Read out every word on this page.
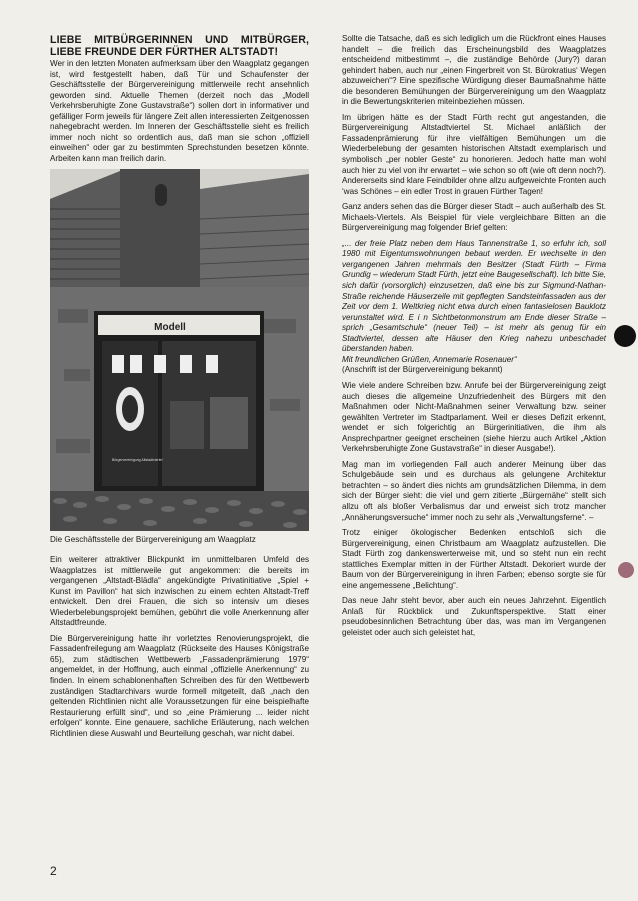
LIEBE MITBÜRGERINNEN UND MITBÜRGER, LIEBE FREUNDE DER FÜRTHER ALTSTADT!

Wer in den letzten Monaten aufmerksam über den Waagplatz gegangen ist, wird festgestellt haben, daß Tür und Schaufenster der Geschäftsstelle der Bürgervereinigung mittlerweile recht ansehnlich geworden sind. Aktuelle Themen (derzeit noch das „Modell Verkehrsberuhigte Zone Gustavstraße“) sollen dort in informativer und gefälliger Form jeweils für längere Zeit allen interessierten Zeitgenossen nahegebracht werden. Im Inneren der Geschäftsstelle sieht es freilich immer noch nicht so ordentlich aus, daß man sie schon „offiziell einweihen“ oder gar zu bestimmten Sprechstunden besetzen könnte. Arbeiten kann man freilich darin.

Modell
Bürgervereinigung Altstadtviertel

Die Geschäftsstelle der Bürgervereinigung am Waagplatz

Ein weiterer attraktiver Blickpunkt im unmittelbaren Umfeld des Waagplatzes ist mittlerweile gut angekommen: die bereits im vergangenen „Altstadt-Blädla“ angekündigte Privatinitiative „Spiel + Kunst im Pavillon“ hat sich inzwischen zu einem echten Altstadt-Treff entwickelt. Den drei Frauen, die sich so intensiv um dieses Wiederbelebungsprojekt bemühen, gebührt die volle Anerkennung aller Altstadtfreunde.

Die Bürgervereinigung hatte ihr vorletztes Renovierungsprojekt, die Fassadenfreilegung am Waagplatz (Rückseite des Hauses Königstraße 65), zum städtischen Wettbewerb „Fassadenprämierung 1979“ angemeldet, in der Hoffnung, auch einmal „offizielle Anerkennung“ zu finden. In einem schablonenhaften Schreiben des für den Wettbewerb zuständigen Stadtarchivars wurde formell mitgeteilt, daß „nach den geltenden Richtlinien nicht alle Voraussetzungen für eine beispielhafte Restaurierung erfüllt sind“, und so „eine Prämierung ... leider nicht erfolgen“ konnte. Eine genauere, sachliche Erläuterung, nach welchen Richtlinien diese Auswahl und Beurteilung geschah, war nicht dabei.

Sollte die Tatsache, daß es sich lediglich um die Rückfront eines Hauses handelt – die freilich das Erscheinungsbild des Waagplatzes entscheidend mitbestimmt –, die zuständige Behörde (Jury?) daran gehindert haben, auch nur „einen Fingerbreit von St. Bürokratius‘ Wegen abzuweichen“? Eine spezifische Würdigung dieser Baumaßnahme hätte die besonderen Bemühungen der Bürgervereinigung um den Waagplatz in die Bewertungskriterien miteinbeziehen müssen.

Im übrigen hätte es der Stadt Fürth recht gut angestanden, die Bürgervereinigung Altstadtviertel St. Michael anläßlich der Fassadenprämierung für ihre vielfältigen Bemühungen um die Wiederbelebung der gesamten historischen Altstadt exemplarisch und symbolisch „per nobler Geste“ zu honorieren. Jedoch hatte man wohl auch hier zu viel von ihr erwartet – wie schon so oft (wie oft denn noch?). Andererseits sind klare Feindbilder ohne allzu aufgeweichte Fronten auch ‘was Schönes – ein edler Trost in grauen Fürther Tagen!

Ganz anders sehen das die Bürger dieser Stadt – auch außerhalb des St. Michaels-Viertels. Als Beispiel für viele vergleichbare Bitten an die Bürgervereinigung mag folgender Brief gelten:

„... der freie Platz neben dem Haus Tannenstraße 1, so erfuhr ich, soll 1980 mit Eigentumswohnungen bebaut werden. Er wechselte in den vergangenen Jahren mehrmals den Besitzer (Stadt Fürth – Firma Grundig – wiederum Stadt Fürth, jetzt eine Baugesellschaft). Ich bitte Sie, sich dafür (vorsorglich) einzusetzen, daß eine bis zur Sigmund-Nathan-Straße reichende Häuserzeile mit gepflegten Sandsteinfassaden aus der Zeit vor dem 1. Weltkrieg nicht etwa durch einen fantasielosen Bauklotz verunstaltet wird. E i n Sichtbetonmonstrum am Ende dieser Straße – sprich „Gesamtschule“ (neuer Teil) – ist mehr als genug für ein Stadtviertel, dessen alte Häuser den Krieg nahezu unbeschadet überstanden haben.

Mit freundlichen Grüßen, Annemarie Rosenauer“

(Anschrift ist der Bürgervereinigung bekannt)

Wie viele andere Schreiben bzw. Anrufe bei der Bürgervereinigung zeigt auch dieses die allgemeine Unzufriedenheit des Bürgers mit den Maßnahmen oder Nicht-Maßnahmen seiner Verwaltung bzw. seiner gewählten Vertreter im Stadtparlament. Weil er dieses Defizit erkennt, wendet er sich folgerichtig an Bürgerinitiativen, die ihm als Ansprechpartner geeignet erscheinen (siehe hierzu auch Artikel „Aktion Verkehrsberuhigte Zone Gustavstraße“ in dieser Ausgabe!).

Mag man im vorliegenden Fall auch anderer Meinung über das Schulgebäude sein und es durchaus als gelungene Architektur betrachten – so ändert dies nichts am grundsätzlichen Dilemma, in dem sich der Bürger sieht: die viel und gern zitierte „Bürgernähe“ stellt sich allzu oft als bloßer Verbalismus dar und erweist sich trotz mancher „Annäherungsversuche“ immer noch zu sehr als „Verwaltungsferne“. –

Trotz einiger ökologischer Bedenken entschloß sich die Bürgervereinigung, einen Christbaum am Waagplatz aufzustellen. Die Stadt Fürth zog dankenswerterweise mit, und so steht nun ein recht stattliches Exemplar mitten in der Fürther Altstadt. Dekoriert wurde der Baum von der Bürgervereinigung in ihren Farben; ebenso sorgte sie für eine angemessene „Belichtung“.

Das neue Jahr steht bevor, aber auch ein neues Jahrzehnt. Eigentlich Anlaß für Rückblick und Zukunftsperspektive. Statt einer pseudobesinnlichen Betrachtung über das, was man im Vergangenen geleistet oder auch sich geleistet hat,

2
